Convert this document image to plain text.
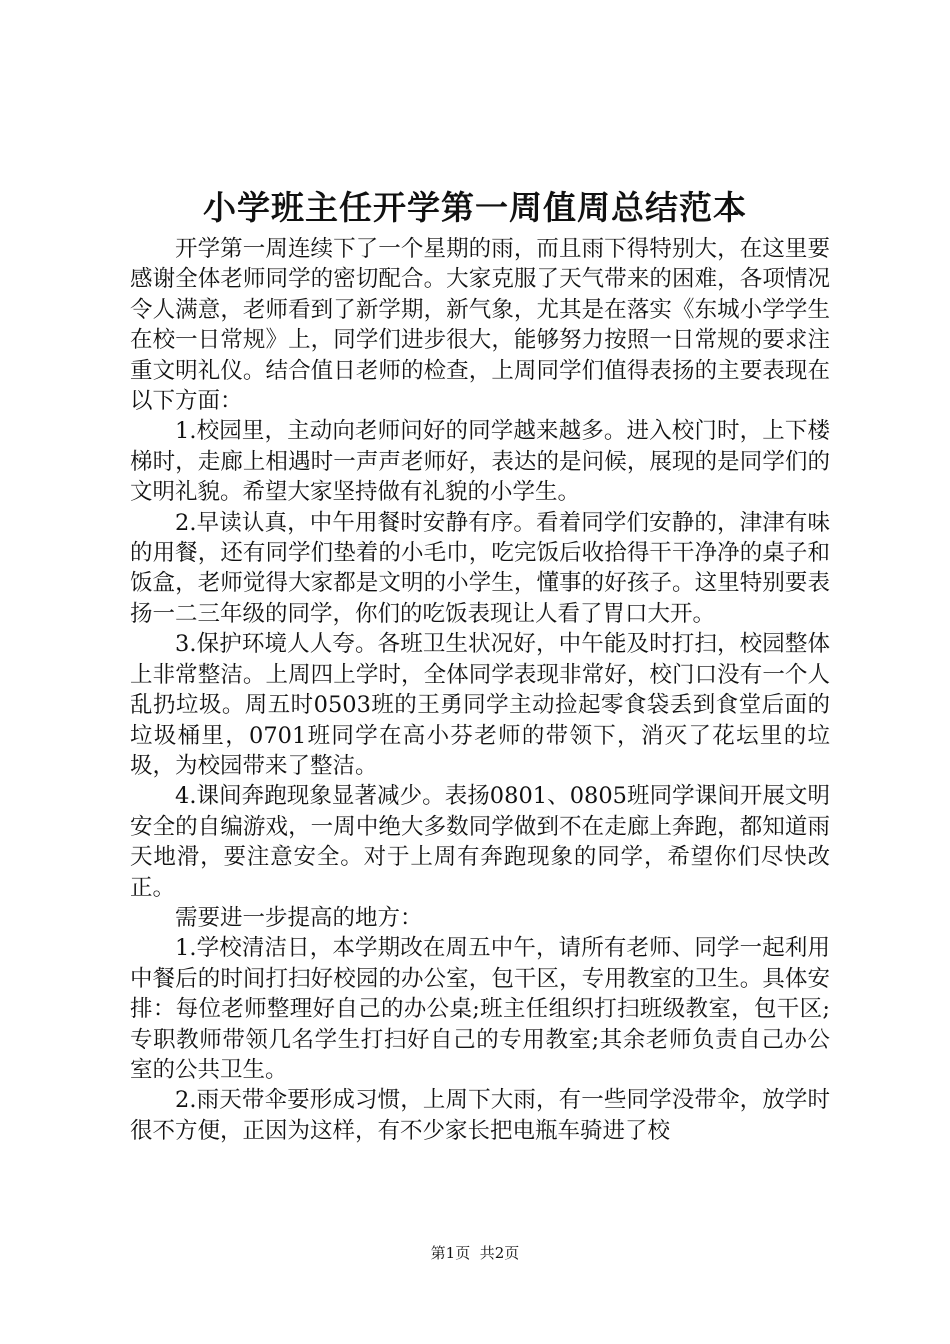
小学班主任开学第一周值周总结范本

开学第一周连续下了一个星期的雨，而且雨下得特别大，在这里要感谢全体老师同学的密切配合。大家克服了天气带来的困难，各项情况令人满意，老师看到了新学期，新气象，尤其是在落实《东城小学学生在校一日常规》上，同学们进步很大，能够努力按照一日常规的要求注重文明礼仪。结合值日老师的检查，上周同学们值得表扬的主要表现在以下方面：

1.校园里，主动向老师问好的同学越来越多。进入校门时，上下楼梯时，走廊上相遇时一声声老师好，表达的是问候，展现的是同学们的文明礼貌。希望大家坚持做有礼貌的小学生。

2.早读认真，中午用餐时安静有序。看着同学们安静的，津津有味的用餐，还有同学们垫着的小毛巾，吃完饭后收拾得干干净净的桌子和饭盒，老师觉得大家都是文明的小学生，懂事的好孩子。这里特别要表扬一二三年级的同学，你们的吃饭表现让人看了胃口大开。

3.保护环境人人夸。各班卫生状况好，中午能及时打扫，校园整体上非常整洁。上周四上学时，全体同学表现非常好，校门口没有一个人乱扔垃圾。周五时0503班的王勇同学主动捡起零食袋丢到食堂后面的垃圾桶里，0701班同学在高小芬老师的带领下，消灭了花坛里的垃圾，为校园带来了整洁。

4.课间奔跑现象显著减少。表扬0801、0805班同学课间开展文明安全的自编游戏，一周中绝大多数同学做到不在走廊上奔跑，都知道雨天地滑，要注意安全。对于上周有奔跑现象的同学，希望你们尽快改正。

需要进一步提高的地方：

1.学校清洁日，本学期改在周五中午，请所有老师、同学一起利用中餐后的时间打扫好校园的办公室，包干区，专用教室的卫生。具体安排：每位老师整理好自己的办公桌;班主任组织打扫班级教室，包干区;专职教师带领几名学生打扫好自己的专用教室;其余老师负责自己办公室的公共卫生。

2.雨天带伞要形成习惯，上周下大雨，有一些同学没带伞，放学时很不方便，正因为这样，有不少家长把电瓶车骑进了校

第1页 共2页
